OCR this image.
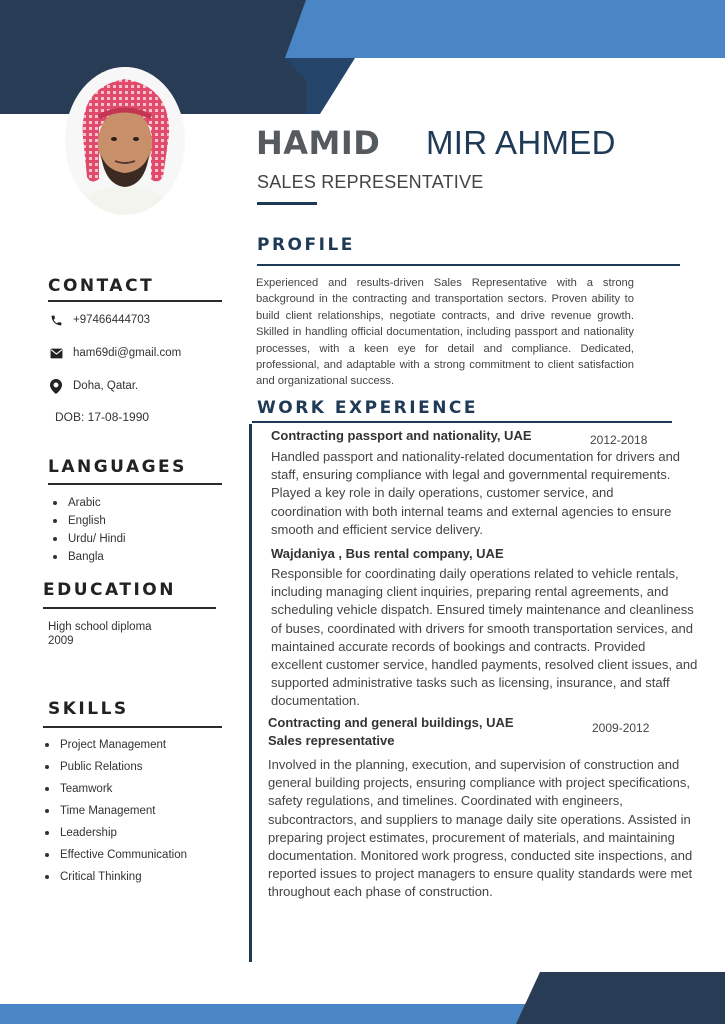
HAMID MIR AHMED
SALES REPRESENTATIVE
CONTACT
+97466444703
ham69di@gmail.com
Doha, Qatar.
DOB: 17-08-1990
LANGUAGES
Arabic
English
Urdu/ Hindi
Bangla
EDUCATION
High school diploma
2009
SKILLS
Project Management
Public Relations
Teamwork
Time Management
Leadership
Effective Communication
Critical Thinking
PROFILE
Experienced and results-driven Sales Representative with a strong background in the contracting and transportation sectors. Proven ability to build client relationships, negotiate contracts, and drive revenue growth. Skilled in handling official documentation, including passport and nationality processes, with a keen eye for detail and compliance. Dedicated, professional, and adaptable with a strong commitment to client satisfaction and organizational success.
WORK EXPERIENCE
Contracting passport and nationality, UAE	2012-2018
Handled passport and nationality-related documentation for drivers and staff, ensuring compliance with legal and governmental requirements. Played a key role in daily operations, customer service, and coordination with both internal teams and external agencies to ensure smooth and efficient service delivery.
Wajdaniya , Bus rental company, UAE
Responsible for coordinating daily operations related to vehicle rentals, including managing client inquiries, preparing rental agreements, and scheduling vehicle dispatch. Ensured timely maintenance and cleanliness of buses, coordinated with drivers for smooth transportation services, and maintained accurate records of bookings and contracts. Provided excellent customer service, handled payments, resolved client issues, and supported administrative tasks such as licensing, insurance, and staff documentation.
Contracting and general buildings, UAE	2009-2012
Sales representative
Involved in the planning, execution, and supervision of construction and general building projects, ensuring compliance with project specifications, safety regulations, and timelines. Coordinated with engineers, subcontractors, and suppliers to manage daily site operations. Assisted in preparing project estimates, procurement of materials, and maintaining documentation. Monitored work progress, conducted site inspections, and reported issues to project managers to ensure quality standards were met throughout each phase of construction.
